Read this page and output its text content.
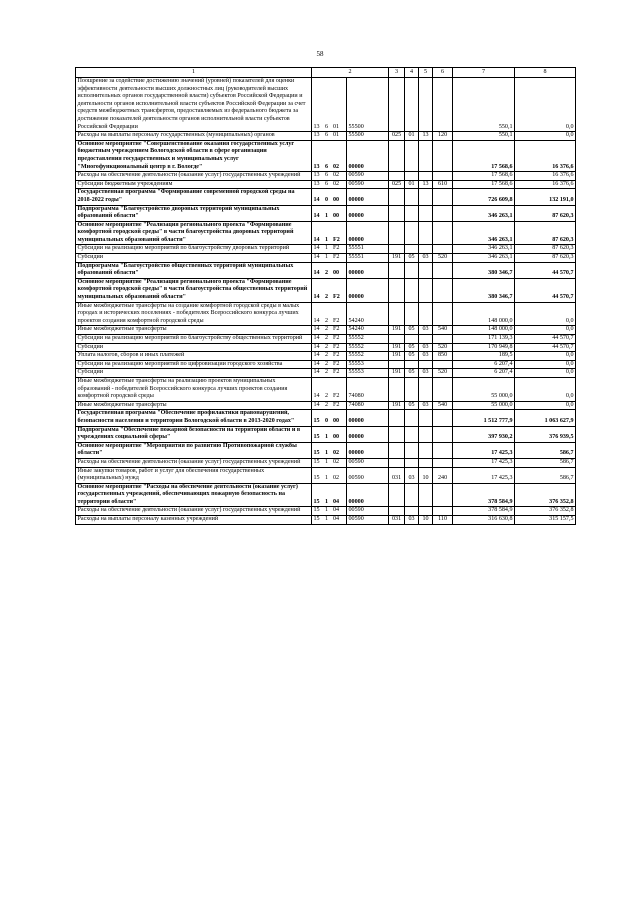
58
1	2				3	4	5	6	7	8
Поощрение за содействие достижению значений (уровней) показателей для оценки эффективности деятельности высших должностных лиц (руководителей высших исполнительных органов государственной власти) субъектов Российской Федерации и деятельности органов исполнительной власти субъектов Российской Федерации за счет средств межбюджетных трансфертов, предоставляемых из федерального бюджета за достижение показателей деятельности органов исполнительной власти субъектов Российской Федерации	13	6	01	55500					550,1	0,0
Расходы на выплаты персоналу государственных (муниципальных) органов	13	6	01	55500	025	01	13	120	550,1	0,0
Основное мероприятие "Совершенствование оказания государственных услуг бюджетным учреждением Вологодской области в сфере организации предоставления государственных и муниципальных услуг "Многофункциональный центр в г. Вологде"	13	6	02	00000					17 568,6	16 376,6
Расходы на обеспечение деятельности (оказание услуг) государственных учреждений	13	6	02	00590					17 568,6	16 376,6
Субсидии бюджетным учреждениям	13	6	02	00590	025	01	13	610	17 568,6	16 376,6
Государственная программа "Формирование современной городской среды на 2018-2022 годы"	14	0	00	00000					726 609,8	132 191,0
Подпрограмма "Благоустройство дворовых территорий муниципальных образований области"	14	1	00	00000					346 263,1	87 620,3
Основное мероприятие "Реализация регионального проекта "Формирование комфортной городской среды" в части благоустройства дворовых территорий муниципальных образований области"	14	1	F2	00000					346 263,1	87 620,3
Субсидии на реализацию мероприятий по благоустройству дворовых территорий	14	1	F2	55551					346 263,1	87 620,3
Субсидии	14	1	F2	55551	191	05	03	520	346 263,1	87 620,3
Подпрограмма "Благоустройство общественных территорий муниципальных образований области"	14	2	00	00000					380 346,7	44 570,7
Основное мероприятие "Реализация регионального проекта "Формирование комфортной городской среды" в части благоустройства общественных территорий муниципальных образований области"	14	2	F2	00000					380 346,7	44 570,7
Иные межбюджетные трансферты на создание комфортной городской среды в малых городах и исторических поселениях - победителях Всероссийского конкурса лучших проектов создания комфортной городской среды	14	2	F2	54240					148 000,0	0,0
Иные межбюджетные трансферты	14	2	F2	54240	191	05	03	540	148 000,0	0,0
Субсидии на реализацию мероприятий по благоустройству общественных территорий	14	2	F2	55552					171 139,3	44 570,7
Субсидии	14	2	F2	55552	191	05	03	520	170 949,8	44 570,7
Уплата налогов, сборов и иных платежей	14	2	F2	55552	191	05	03	850	189,5	0,0
Субсидии на реализацию мероприятий по цифровизации городского хозяйства	14	2	F2	55553					6 207,4	0,0
Субсидии	14	2	F2	55553	191	05	03	520	6 207,4	0,0
Иные межбюджетные трансферты на реализацию проектов муниципальных образований - победителей Всероссийского конкурса лучших проектов создания комфортной городской среды	14	2	F2	74080					55 000,0	0,0
Иные межбюджетные трансферты	14	2	F2	74080	191	05	03	540	55 000,0	0,0
Государственная программа "Обеспечение профилактики правонарушений, безопасности населения и территории Вологодской области в 2013-2020 годах"	15	0	00	00000					1 512 777,9	1 063 627,9
Подпрограмма "Обеспечение пожарной безопасности на территории области и в учреждениях социальной сферы"	15	1	00	00000					397 930,2	376 939,5
Основное мероприятие "Мероприятия по развитию Противопожарной службы области"	15	1	02	00000					17 425,3	586,7
Расходы на обеспечение деятельности (оказание услуг) государственных учреждений	15	1	02	00590					17 425,3	586,7
Иные закупки товаров, работ и услуг для обеспечения государственных (муниципальных) нужд	15	1	02	00590	031	03	10	240	17 425,3	586,7
Основное мероприятие "Расходы на обеспечение деятельности (оказание услуг) государственных учреждений, обеспечивающих пожарную безопасность на территории области"	15	1	04	00000					378 584,9	376 352,8
Расходы на обеспечение деятельности (оказание услуг) государственных учреждений	15	1	04	00590					378 584,9	376 352,8
Расходы на выплаты персоналу казенных учреждений	15	1	04	00590	031	03	10	110	316 630,8	315 157,5
